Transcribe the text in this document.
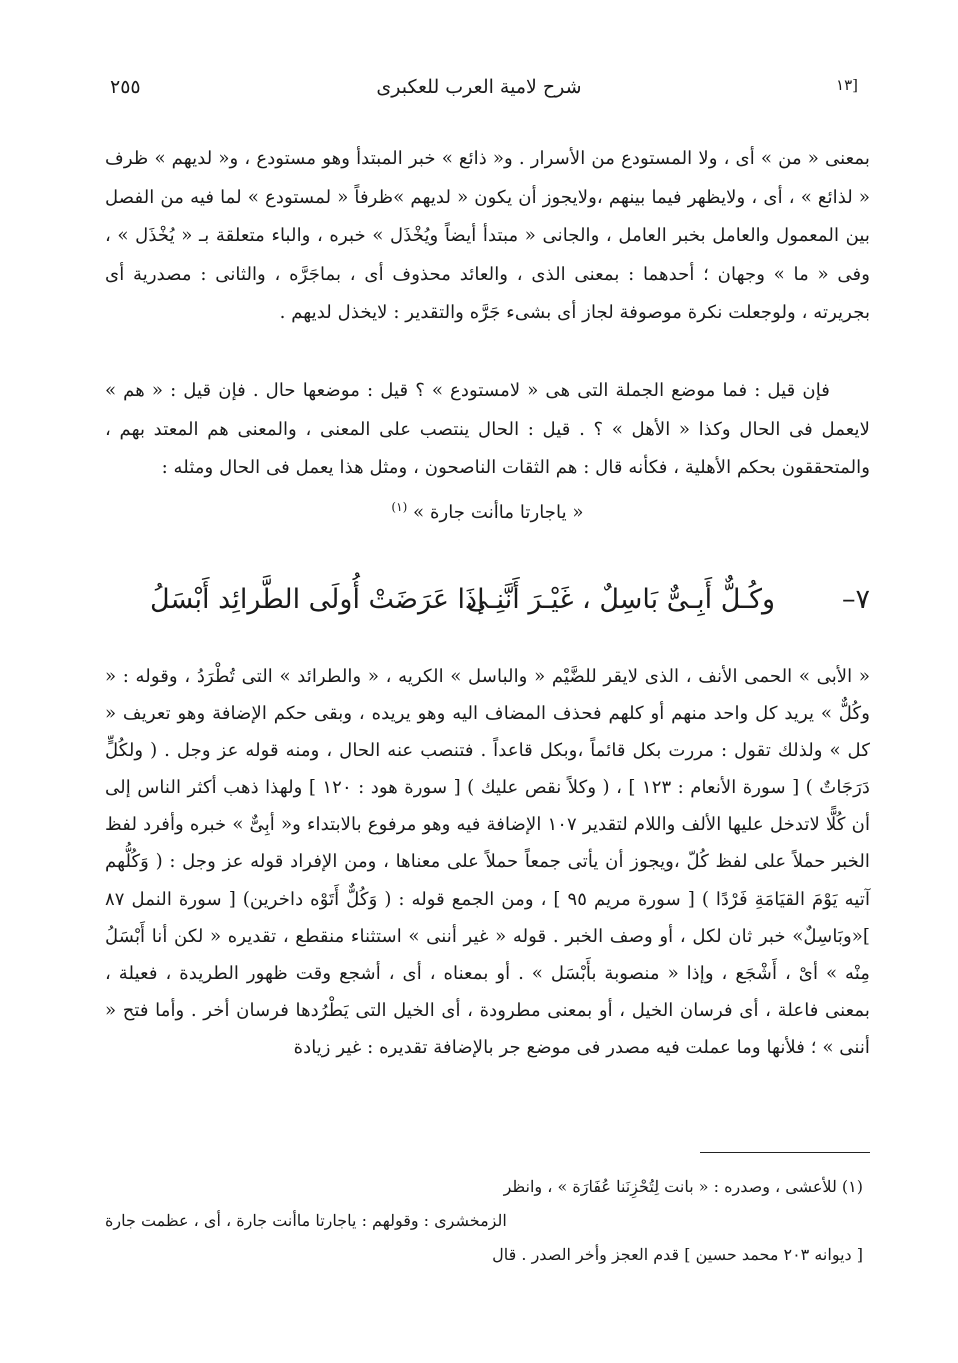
[١٣
شرح لامية العرب للعكبرى
٢٥٥

بمعنى « من » أى ، ولا المستودع من الأسرار . و« ذائع » خبر المبتدأ وهو مستودع ، و« لديهم » ظرف « لذائع » ، أى ، ولايظهر فيما بينهم ،ولايجوز أن يكون « لديهم »ظرفاً « لمستودع » لما فيه من الفصل بين المعمول والعامل بخبر العامل ، والجانى « مبتدأ أيضاً ويُخْذَل » خبره ، والباء متعلقة بـ « يُخْذَل » ، وفى « ما » وجهان ؛ أحدهما : بمعنى الذى ، والعائد محذوف أى ، بماجَرَّه ، والثانى : مصدرية أى بجريرته ، ولوجعلت نكرة موصوفة لجاز أى بشىء جَرَّه والتقدير : لايخذل لديهم .

فإن قيل : فما موضع الجملة التى هى « لامستودع » ؟ قيل : موضعها حال . فإن قيل : « هم » لايعمل فى الحال وكذا « الأهل » ؟ . قيل : الحال ينتصب على المعنى ، والمعنى هم المعتد بهم ، والمتحققون بحكم الأهلية ، فكأنه قال : هم الثقات الناصحون ، ومثل هذا يعمل فى الحال ومثله :

« ياجارتا ماأنت جارة » $^{(١)}$

٧–
وكُـلٌّ أَبِـىٌّ بَاسِلٌ ، غَيْـرَ أَنَّنِـى
إذَا عَرَضَتْ أُولَى الطَّرائِد أَبْسَلُ

« الأبى » الحمى الأنف ، الذى لايقر للضَّيْم « والباسل » الكريه ، « والطرائد » التى تُطْرَدُ ، وقوله : « وكُلٌّ » يريد كل واحد منهم أو كلهم فحذف المضاف اليه وهو يريده ، وبقى حكم الإضافة وهو تعريف « كل » ولذلك تقول : مررت بكل قائماً ،وبكل قاعداً . فتنصب عنه الحال ، ومنه قوله عز وجل . ( ولكُلٍّ دَرَجَاتٌ ) [ سورة الأنعام : ١٢٣ ] ، ( وكلاً نقص عليك ) [ سورة هود : ١٢٠ ] ولهذا ذهب أكثر الناس إلى أن كُلًّا لاتدخل عليها الألف واللام لتقدير ١٠٧ الإضافة فيه وهو مرفوع بالابتداء و« أبِىٌّ » خبره وأفرد لفظ الخبر حملاً على لفظ كُلّ ،ويجوز أن يأتى جمعاً حملاً على معناها ، ومن الإفراد قوله عز وجل : ( وَكُلُّهم آتيه يَوْمَ القيَامَةِ فَرْدًا ) [ سورة مريم ٩٥ ] ، ومن الجمع قوله : ( وَكُلٌّ أَتَوْه داخرين) [ سورة النمل ٨٧ ]«وبَاسِلٌ» خبر ثان لكل ، أو وصف الخبر . قوله « غير أننى » استثناء منقطع ، تقديره « لكن أنا أَبْسَلُ مِنْه » أىْ ، أَشْجَع ، وإذا « منصوبة بأَبْسَل » . أو بمعناه ، أى ، أشجع وقت ظهور الطريدة ، فعيلة ، بمعنى فاعلة ، أى فرسان الخيل ، أو بمعنى مطرودة ، أى الخيل التى يَطْرُدها فرسان أخر . وأما فتح « أننى » ؛ فلأنها وما عملت فيه مصدر فى موضع جر بالإضافة تقديره : غير زيادة

(١) للأعشى ، وصدره : « بانت لِتُحْزِنَنا عُفَارَة » ، وانظر
الزمخشرى : وقولهم : ياجارتا ماأنت جارة ، أى ، عظمت جارة

[ ديوانه ٢٠٣ محمد حسين ] قدم العجز وأخر الصدر . قال
